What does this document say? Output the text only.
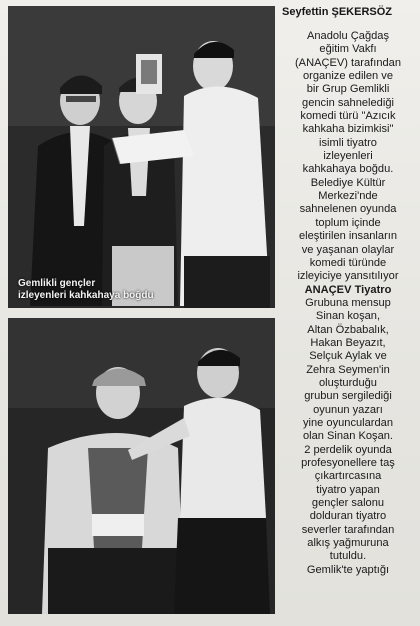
Gemlikli gençler
izleyenleri kahkahaya boğdu
Seyfettin ŞEKERSÖZ
Anadolu Çağdaş
eğitim Vakfı
(ANAÇEV) tarafından
organize edilen ve
bir Grup Gemlikli
gencin sahnelediği
komedi türü "Azıcık
kahkaha bizimkisi"
isimli tiyatro
izleyenleri
kahkahaya boğdu.
Belediye Kültür
Merkezi'nde
sahnelenen oyunda
toplum içinde
eleştirilen insanların
ve yaşanan olaylar
komedi türünde
izleyiciye yansıtılıyor
ANAÇEV Tiyatro
Grubuna mensup
Sinan koşan,
Altan Özbabalık,
Hakan Beyazıt,
Selçuk Aylak ve
Zehra Seymen'in
oluşturduğu
grubun sergilediği
oyunun yazarı
yine oyunculardan
olan Sinan Koşan.
2 perdelik oyunda
profesyonellere taş
çıkartırcasına
tiyatro yapan
gençler salonu
dolduran tiyatro
severler tarafından
alkış yağmuruna
tutuldu.
Gemlik'te yaptığı
